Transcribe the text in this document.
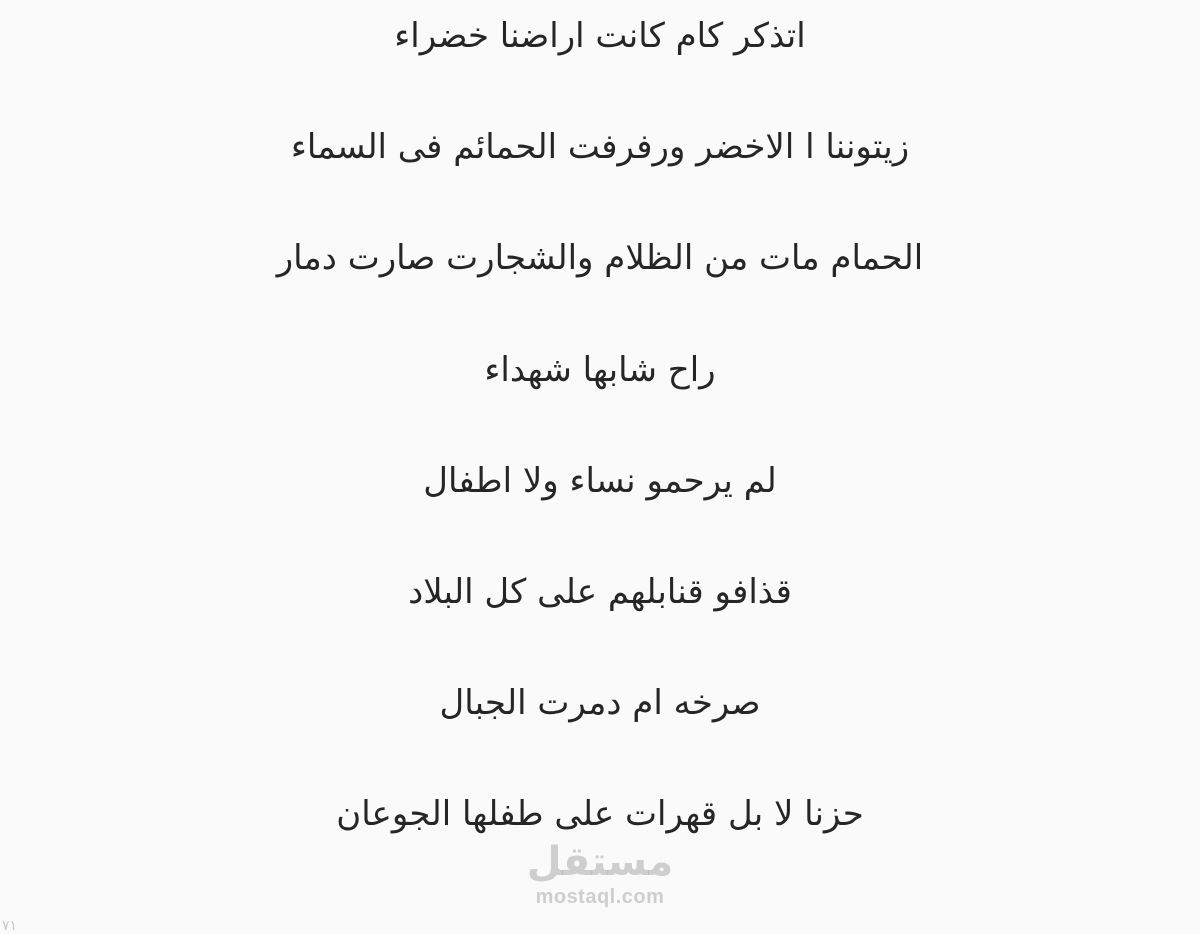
اتذكر كام كانت اراضنا خضراء
زيتوننا ا الاخضر ورفرفت الحمائم فى السماء
الحمام مات من الظلام والشجارت صارت دمار
راح شابها شهداء
لم يرحمو نساء ولا اطفال
قذافو قنابلهم على كل البلاد
صرخه ام دمرت الجبال
حزنا لا بل قهرات على طفلها الجوعان
مستقل
mostaql.com
٧١
